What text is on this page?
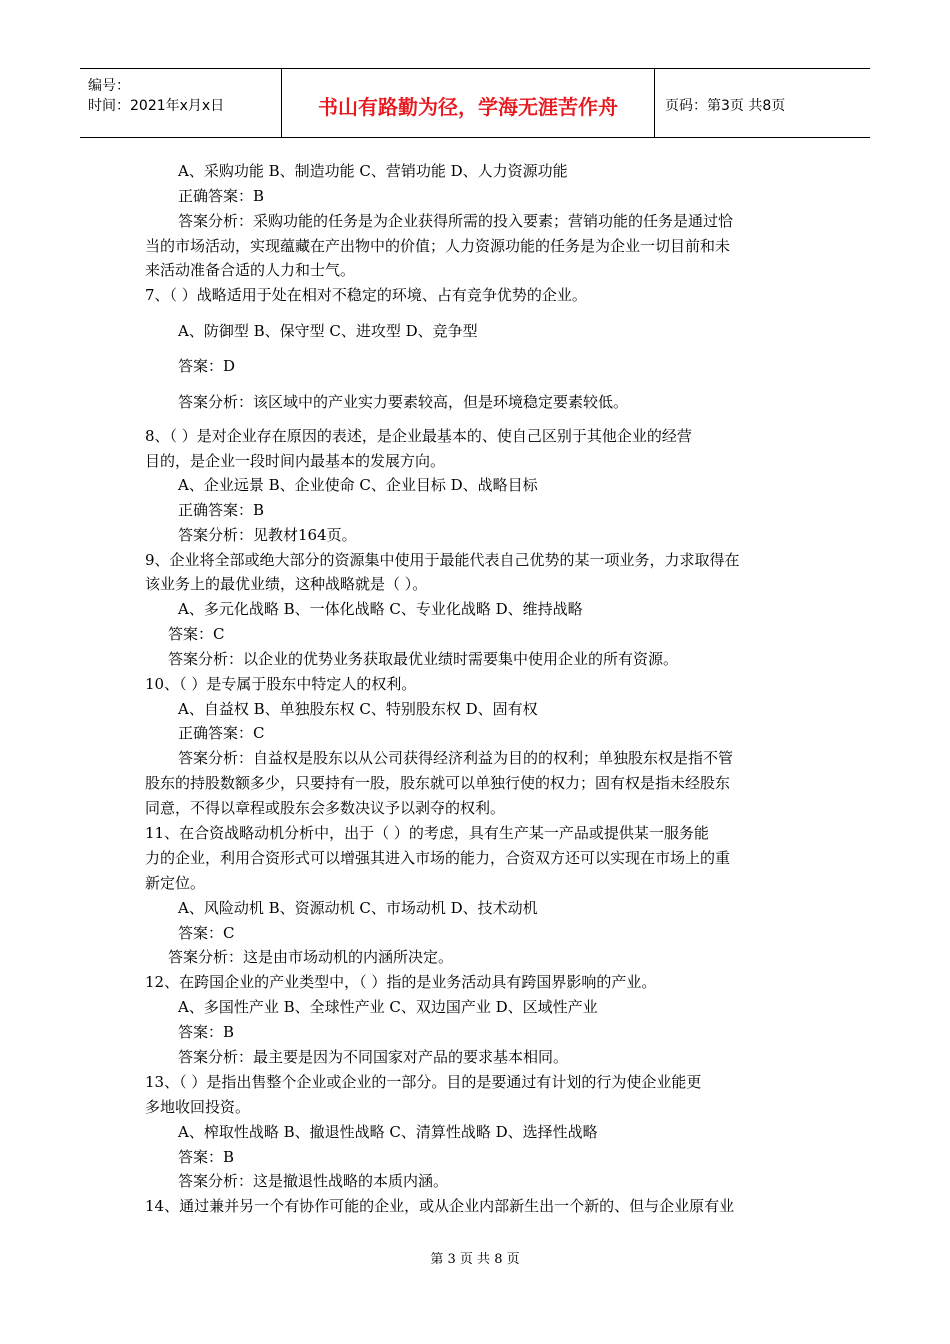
编号：
时间：2021年x月x日	书山有路勤为径，学海无涯苦作舟	页码：第3页 共8页
A、采购功能 B、制造功能 C、营销功能 D、人力资源功能
正确答案：B
答案分析：采购功能的任务是为企业获得所需的投入要素；营销功能的任务是通过恰
当的市场活动，实现蕴藏在产出物中的价值；人力资源功能的任务是为企业一切目前和未
来活动准备合适的人力和士气。
7、（ ）战略适用于处在相对不稳定的环境、占有竞争优势的企业。
A、防御型 B、保守型 C、进攻型 D、竞争型
答案：D
答案分析：该区域中的产业实力要素较高，但是环境稳定要素较低。
8、（ ）是对企业存在原因的表述，是企业最基本的、使自己区别于其他企业的经营
目的，是企业一段时间内最基本的发展方向。
A、企业远景 B、企业使命 C、企业目标 D、战略目标
正确答案：B
答案分析：见教材164页。
9、企业将全部或绝大部分的资源集中使用于最能代表自己优势的某一项业务，力求取得在
该业务上的最优业绩，这种战略就是（ ）。
A、多元化战略 B、一体化战略 C、专业化战略 D、维持战略
答案：C
答案分析：以企业的优势业务获取最优业绩时需要集中使用企业的所有资源。
10、（ ）是专属于股东中特定人的权利。
A、自益权 B、单独股东权 C、特别股东权 D、固有权
正确答案：C
答案分析：自益权是股东以从公司获得经济利益为目的的权利；单独股东权是指不管
股东的持股数额多少，只要持有一股，股东就可以单独行使的权力；固有权是指未经股东
同意，不得以章程或股东会多数决议予以剥夺的权利。
11、在合资战略动机分析中，出于（ ）的考虑，具有生产某一产品或提供某一服务能
力的企业，利用合资形式可以增强其进入市场的能力，合资双方还可以实现在市场上的重
新定位。
A、风险动机 B、资源动机 C、市场动机 D、技术动机
答案：C
答案分析：这是由市场动机的内涵所决定。
12、在跨国企业的产业类型中，（ ）指的是业务活动具有跨国界影响的产业。
A、多国性产业 B、全球性产业 C、双边国产业 D、区域性产业
答案：B
答案分析：最主要是因为不同国家对产品的要求基本相同。
13、（ ）是指出售整个企业或企业的一部分。目的是要通过有计划的行为使企业能更
多地收回投资。
A、榨取性战略 B、撤退性战略 C、清算性战略 D、选择性战略
答案：B
答案分析：这是撤退性战略的本质内涵。
14、通过兼并另一个有协作可能的企业，或从企业内部新生出一个新的、但与企业原有业
第 3 页 共 8 页
